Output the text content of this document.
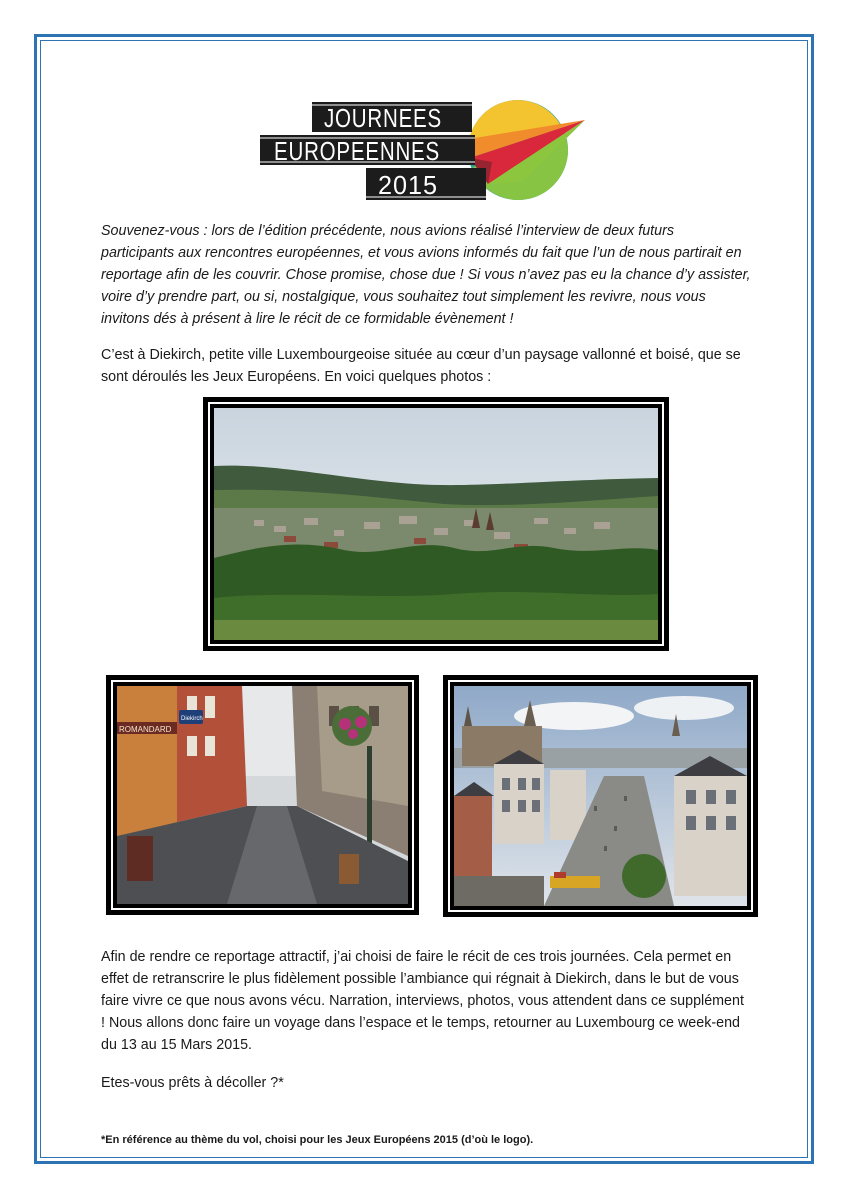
JOURNEES
EUROPEENNES
2015

Souvenez-vous : lors de l’édition précédente, nous avions réalisé l’interview de deux futurs participants aux rencontres européennes, et vous avions informés du fait que l’un de nous partirait en reportage afin de les couvrir. Chose promise, chose due ! Si vous n’avez pas eu la chance d’y assister, voire d’y prendre part, ou si, nostalgique, vous souhaitez tout simplement les revivre, nous vous invitons dés à présent à lire le récit de ce formidable évènement !

C’est à Diekirch, petite ville Luxembourgeoise située au cœur d’un paysage vallonné et boisé, que se sont déroulés les Jeux Européens. En voici quelques photos :

ROMANDARD
Diekirch

Afin de rendre ce reportage attractif, j’ai choisi de faire le récit de ces trois journées. Cela permet en effet de retranscrire le plus fidèlement possible l’ambiance qui régnait à Diekirch, dans le but de vous faire vivre ce que nous avons vécu. Narration, interviews, photos, vous attendent dans ce supplément ! Nous allons donc faire un voyage dans l’espace et le temps, retourner au Luxembourg ce week-end du 13 au 15 Mars 2015.

Etes-vous prêts à décoller ?*

*En référence au thème du vol, choisi pour les Jeux Européens 2015 (d’où le logo).
